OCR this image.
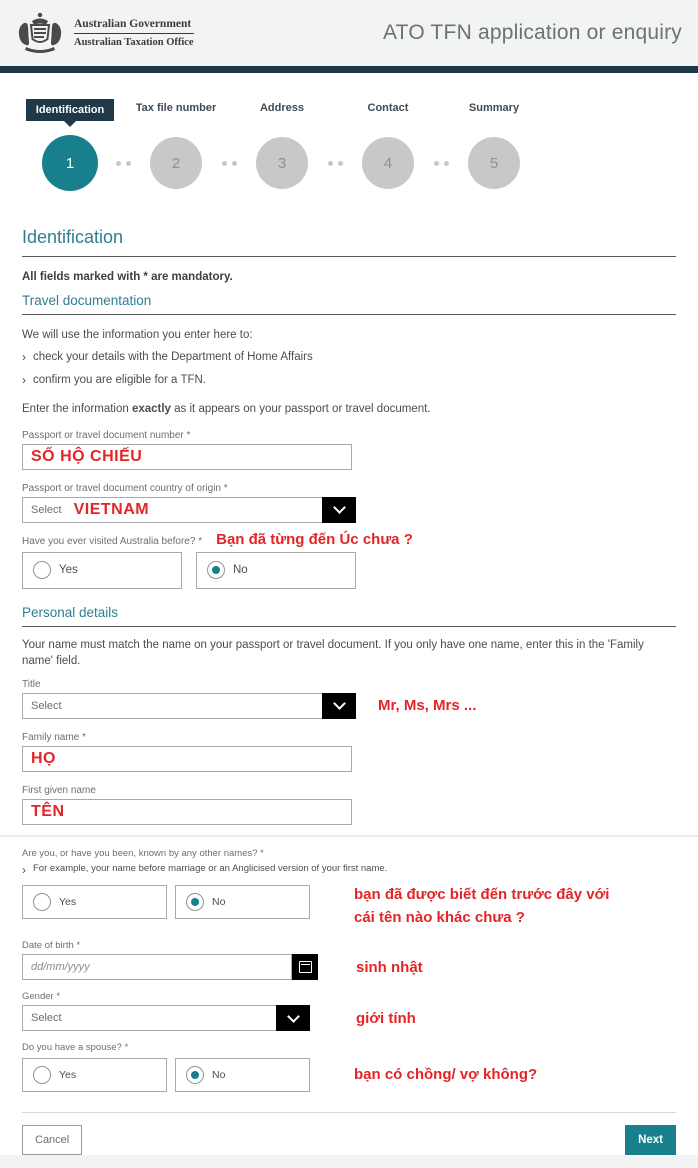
Australian Government
Australian Taxation Office	ATO TFN application or enquiry
Identification
1
Tax file number
2
Address
3
Contact
4
Summary
5
Identification
All fields marked with * are mandatory.
Travel documentation

We will use the information you enter here to:

› check your details with the Department of Home Affairs
› confirm you are eligible for a TFN.

Enter the information exactly as it appears on your passport or travel document.

Passport or travel document number *
SỐ HỘ CHIẾU
Passport or travel document country of origin *
Select VIETNAM
Have you ever visited Australia before? * Bạn đã từng đến Úc chưa ?
Yes	No
Personal details

Your name must match the name on your passport or travel document. If you only have one name, enter this in the 'Family name' field.

Title
Select	Mr, Ms, Mrs ...
Family name *
HỌ
First given name
TÊN
Are you, or have you been, known by any other names? *
› For example, your name before marriage or an Anglicised version of your first name.
Yes	No	bạn đã được biết đến trước đây với
cái tên nào khác chưa ?
Date of birth *
dd/mm/yyyy
sinh nhật
Gender *
Select	giới tính
Do you have a spouse? *
Yes	No	bạn có chồng/ vợ không?
Cancel	Next
